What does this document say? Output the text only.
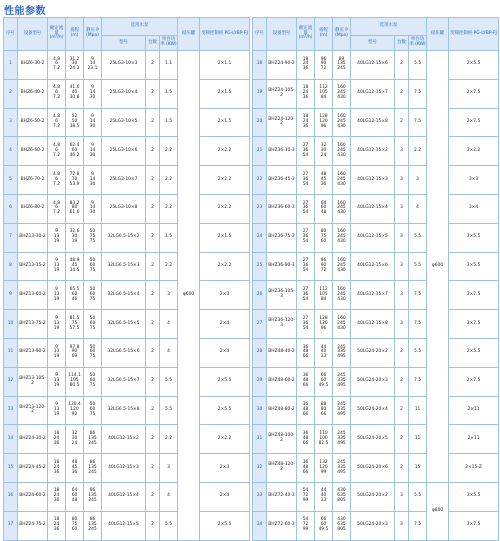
性能参数
序号	设备型号	额定流量 (m³/h)	扬程 (m)	静压 P (Mpa)	选用水泵			稳压罐	变频控制柜 PG-LYBP-FJ
					型号	台数	单台功率 (KW)		
1	BHZ6-30-2	4.8
6
7.2	31.2
30
24.3	9
14
23.1	25LG3-10×3	2	1.1	φ600	2×1.1
2	BHZ6-40-2	4.8
6
7.2	41.6
40
30.8	9
14
30	25LG3-10×4	2	1.5		2×1.5
3	BHZ6-50-2	4.8
6
7.2	52
50
38.5	9
14
30	25LG3-10×5	2	1.5		2×1.5
4	BHZ6-60-2	4.8
6
7.2	62.4
60
46.2	9
14
30	25LG3-10×6	2	2.2		2×2.2
5	BHZ6-70-2	4.8
6
7.2	72.8
70
53.9	9
14
30	25LG3-10×7	2	2.2		2×2.2
6	BHZ6-80-2	4.8
6
7.2	83.2
80
61.6	9
14
30	25LG3-10×8	2	2.2		2×2.2
7	BHZ13-30-2	9
13
19	32.6
30
19	50
75
75	32LG6.5-15×2	2	1.5		2×1.5
8	BHZ13-15-2	9
13
19	48.9
45
34.5	50
60
75	32LG6.5-15×3	2	2.2		2×2.2
9	BHZ13-60-2	9
13
19	65.5
60
46	50
60
75	32LG6.5-15×4	2	3		2×3
10	BHZ13-75-2	9
13
19	81.5
75
57.5	50
60
75	32LG6.5-15×5	2	4		2×4
11	BHZ13-90-2	9
13
19	97.8
90
69	50
60
75	32LG6.5-15×6	2	4		2×4
12	BHZ13-105-2	9
13
19	114.1
105
80.5	50
60
75	32LG6.5-15×7	2	5.5		2×5.5
13	BHZ13-120-2	9
13
19	130.4
120
92	50
60
75	32LG6.5-15×8	2	5.5		2×5.5
14	BHZ24-30-2	18
24
36	32
30
24	86
135
245	40LG12-15×2	2	2.2		2×2.2
15	BHZ24-45-2	18
24
36	48
45
36	86
135
245	40LG12-15×3	2	3		2×3
16	BHZ24-60-2	18
24
36	64
60
48	86
135
245	40LG12-15×4	2	4		2×4
17	BHZ24-75-2	18
24
36	80
75
60	86
135
245	40LG12-15×5	2	5.5		2×5.5
序号	设备型号	额定流量 (m³/h)	扬程 (m)	静压 P (Mpa)	选用水泵			稳压罐	变频控制柜 PG-LYBP-FJ
					型号	台数	单台功率 (KW)		
18	BHZ24-90-2	18
24
36	96
90
72	89
135
245	40LG12-15×6	2	5.5	φ600	2×5.5
19	BHZ24-105-2	18
24
36	112
105
84	160
245
430	40LG12-15×7	2	7.5		2×7.5
20	BHZ24-120-2	18
24
36	128
120
96	160
245
430	40LG12-15×8	2	7.5		2×7.5
21	BHZ36-30-3	27
36
54	32
30
24	160
245
430	40LG12-15×2	3	2.2		3×2.2
22	BHZ36-45-3	27
36
54	48
45
36	160
245
430	40LG12-15×3	3	3		3×3
23	BHZ36-60-3	27
36
54	64
60
48	160
245
430	40LG12-15×4	3	4		3×4
24	BHZ36-75-3	27
36
54	80
75
60	160
245
430	40LG12-15×5	3	5.5		3×5.5
25	BHZ36-90-3	27
36
54	96
90
72	160
245
430	40LG12-15×6	3	5.5		3×5.5
26	BHZ36-105-3	27
36
54	112
105
84	160
245
430	40LG12-15×7	3	7.5		3×7.5
27	BHZ36-120-3	27
36
54	128
120
96	160
245
430	40LG12-15×8	3	7.5		3×7.5
28	BHZ48-40-2	36
48
66	44
40
33	245
335
495	50LG24-20×2	2	5.5		2×5.5
29	BHZ48-60-2	36
48
66	66
60
49.5	245
335
495	50LG24-20×3	2	7.5		2×7.5
30	BHZ48-80-2	36
48
66	88
80
66	245
335
495	50LG24-20×4	2	11		2×11
31	BHZ48-100-2	36
48
66	110
100
82.5	245
335
495	50LG24-20×5	2	11		2×11
32	BHZ48-120-2	36
48
66	132
120
99	245
335
495	50LG24-20×6	2	15		2×15-Z
33	BHZ72-40-3	54
72
99	44
40
33	430
635
805	50LG24-20×2	3	5.5	φ800	3×5.5
34	BHZ72-60-3	54
72
99	66
60
49.5	430
635
805	50LG24-20×3	3	7.5		3×7.5
